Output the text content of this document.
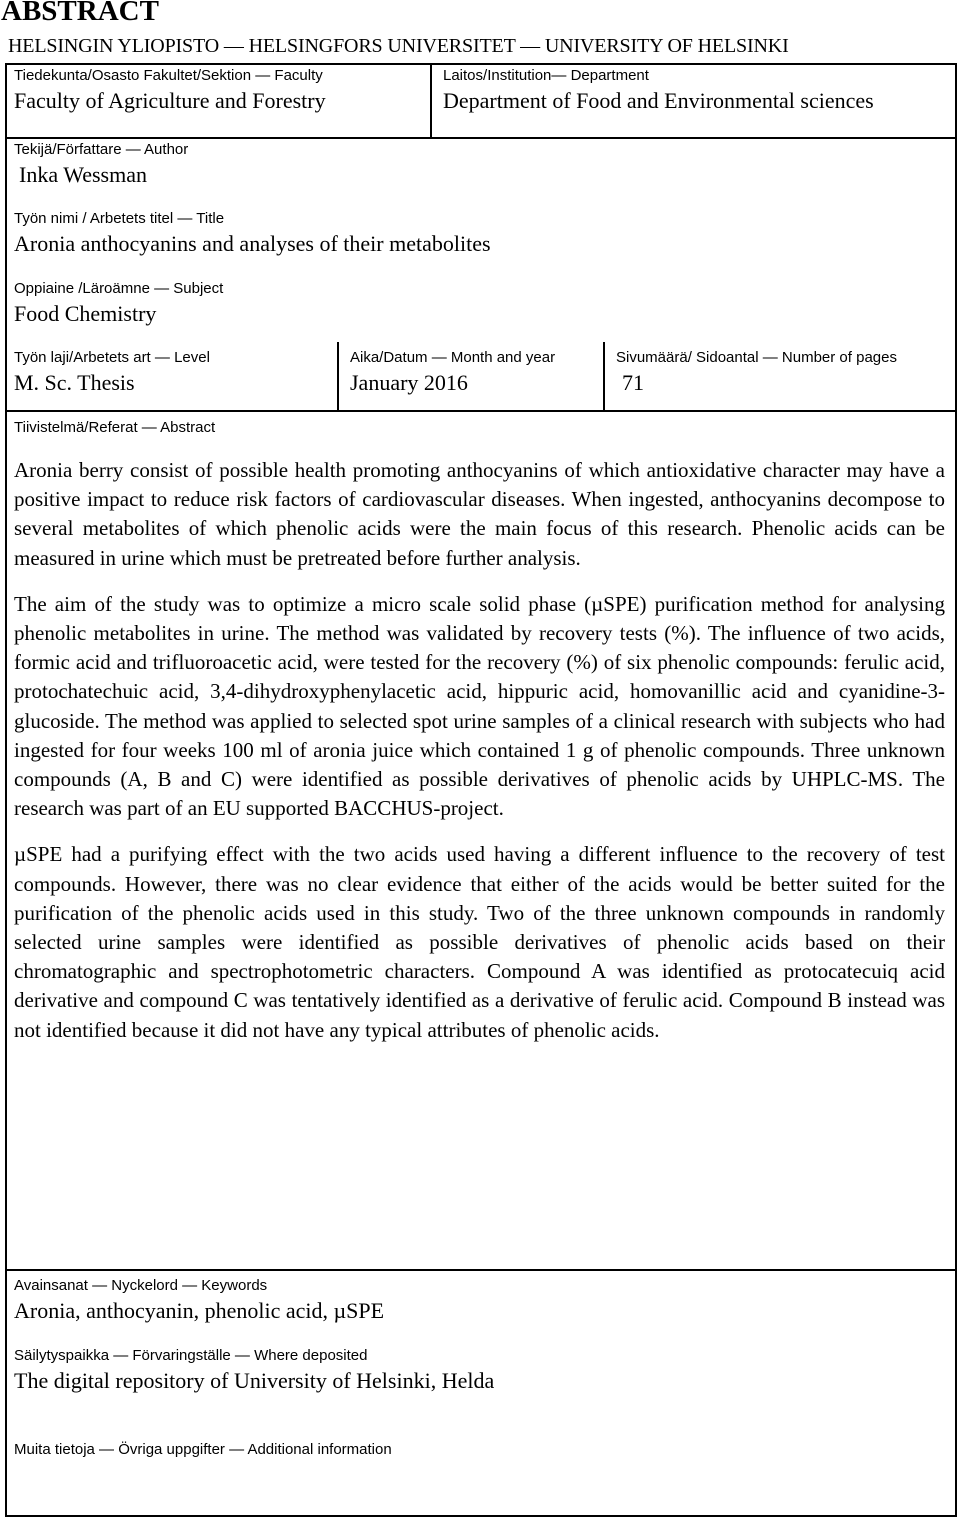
ABSTRACT
HELSINGIN YLIOPISTO — HELSINGFORS UNIVERSITET — UNIVERSITY OF HELSINKI
Tiedekunta/Osasto Fakultet/Sektion — Faculty
Faculty of Agriculture and Forestry
Laitos/Institution— Department
Department of Food and Environmental sciences
Tekijä/Författare — Author
Inka Wessman
Työn nimi / Arbetets titel — Title
Aronia anthocyanins and analyses of their metabolites
Oppiaine /Läroämne — Subject
Food Chemistry
Työn laji/Arbetets art — Level
M. Sc. Thesis
Aika/Datum — Month and year
January 2016
Sivumäärä/ Sidoantal — Number of pages
71
Tiivistelmä/Referat — Abstract

Aronia berry consist of possible health promoting anthocyanins of which antioxidative character may have a positive impact to reduce risk factors of cardiovascular diseases. When ingested, anthocyanins decompose to several metabolites of which phenolic acids were the main focus of this research. Phenolic acids can be measured in urine which must be pretreated before further analysis.

The aim of the study was to optimize a micro scale solid phase (µSPE) purification method for analysing phenolic metabolites in urine. The method was validated by recovery tests (%). The influence of two acids, formic acid and trifluoroacetic acid, were tested for the recovery (%) of six phenolic compounds: ferulic acid, protochatechuic acid, 3,4-dihydroxyphenylacetic acid, hippuric acid, homovanillic acid and cyanidine-3-glucoside. The method was applied to selected spot urine samples of a clinical research with subjects who had ingested for four weeks 100 ml of aronia juice which contained 1 g of phenolic compounds. Three unknown compounds (A, B and C) were identified as possible derivatives of phenolic acids by UHPLC-MS. The research was part of an EU supported BACCHUS-project.

µSPE had a purifying effect with the two acids used having a different influence to the recovery of test compounds. However, there was no clear evidence that either of the acids would be better suited for the purification of the phenolic acids used in this study. Two of the three unknown compounds in randomly selected urine samples were identified as possible derivatives of phenolic acids based on their chromatographic and spectrophotometric characters. Compound A was identified as protocatecuiq acid derivative and compound C was tentatively identified as a derivative of ferulic acid. Compound B instead was not identified because it did not have any typical attributes of phenolic acids.

Avainsanat — Nyckelord — Keywords
Aronia, anthocyanin, phenolic acid, µSPE
Säilytyspaikka — Förvaringställe — Where deposited
The digital repository of University of Helsinki, Helda
Muita tietoja — Övriga uppgifter — Additional information
